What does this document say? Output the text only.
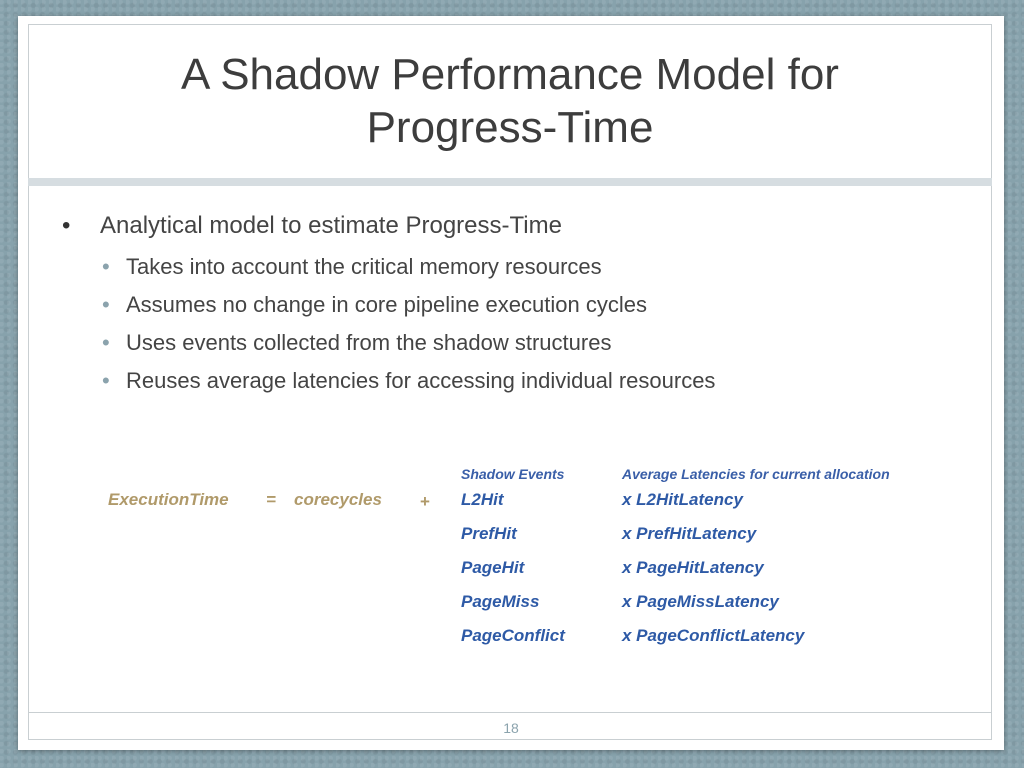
A Shadow Performance Model for Progress-Time
• Analytical model to estimate Progress-Time
• Takes into account the critical memory resources
• Assumes no change in core pipeline execution cycles
• Uses events collected from the shadow structures
• Reuses average latencies for accessing individual resources
ExecutionTime = corecycles +
Shadow Events	Average Latencies for current allocation
L2Hit	x L2HitLatency
PrefHit	x PrefHitLatency
PageHit	x PageHitLatency
PageMiss	x PageMissLatency
PageConflict	x PageConflictLatency
18
